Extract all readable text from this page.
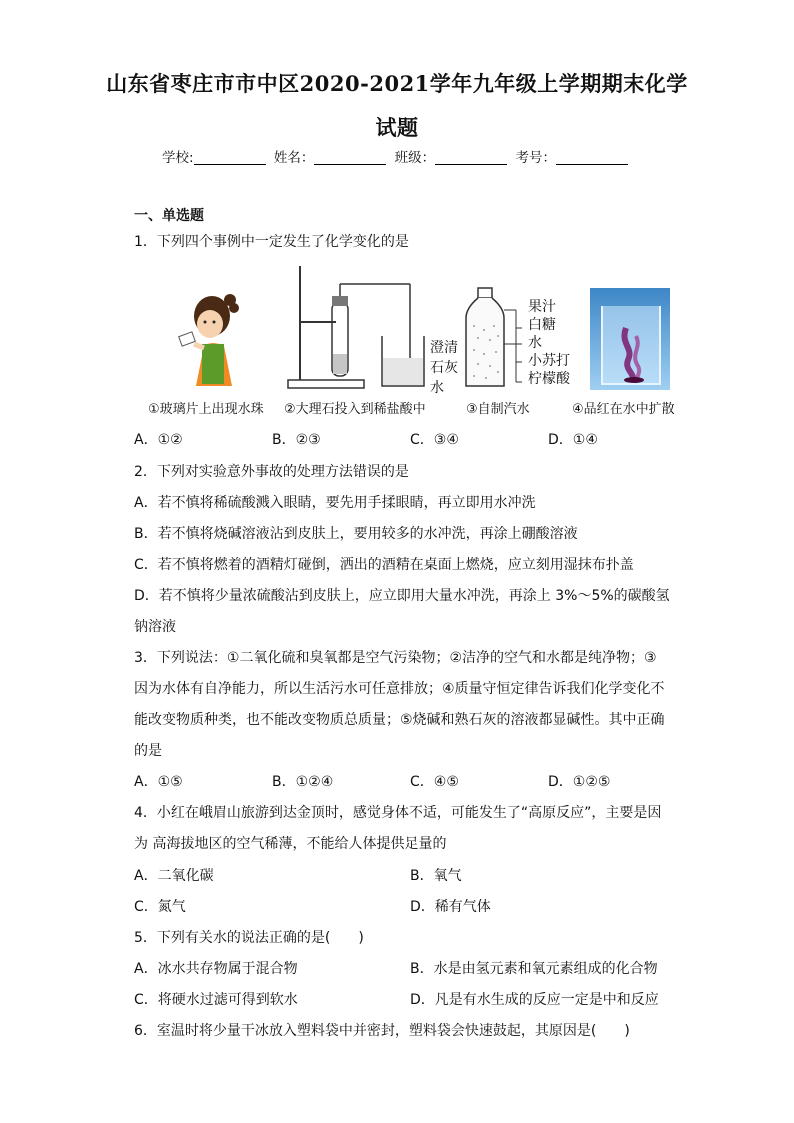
山东省枣庄市市中区2020-2021学年九年级上学期期末化学
试题
学校:	姓名：	班级：	考号：
一、单选题
1．下列四个事例中一定发生了化学变化的是
澄清
石灰
水
果汁
白糖
水
小苏打
柠檬酸
①玻璃片上出现水珠 ②大理石投入到稀盐酸中	③自制汽水	④品红在水中扩散
A．①②	B．②③	C．③④	D．①④
2．下列对实验意外事故的处理方法错误的是
A．若不慎将稀硫酸溅入眼睛，要先用手揉眼睛，再立即用水冲洗
B．若不慎将烧碱溶液沾到皮肤上，要用较多的水冲洗，再涂上硼酸溶液
C．若不慎将燃着的酒精灯碰倒，洒出的酒精在桌面上燃烧，应立刻用湿抹布扑盖
D．若不慎将少量浓硫酸沾到皮肤上，应立即用大量水冲洗，再涂上 3%～5%的碳酸氢
钠溶液
3．下列说法：①二氧化硫和臭氧都是空气污染物；②洁净的空气和水都是纯净物；③
因为水体有自净能力，所以生活污水可任意排放；④质量守恒定律告诉我们化学变化不
能改变物质种类，也不能改变物质总质量；⑤烧碱和熟石灰的溶液都显碱性。其中正确
的是
A．①⑤	B．①②④	C．④⑤	D．①②⑤
4．小红在峨眉山旅游到达金顶时，感觉身体不适，可能发生了“高原反应”，主要是因
为 高海拔地区的空气稀薄，不能给人体提供足量的
A．二氧化碳	B．氧气
C．氮气	D．稀有气体
5．下列有关水的说法正确的是(　　)
A．冰水共存物属于混合物	B．水是由氢元素和氧元素组成的化合物
C．将硬水过滤可得到软水	D．凡是有水生成的反应一定是中和反应
6．室温时将少量干冰放入塑料袋中并密封，塑料袋会快速鼓起，其原因是(　　)
